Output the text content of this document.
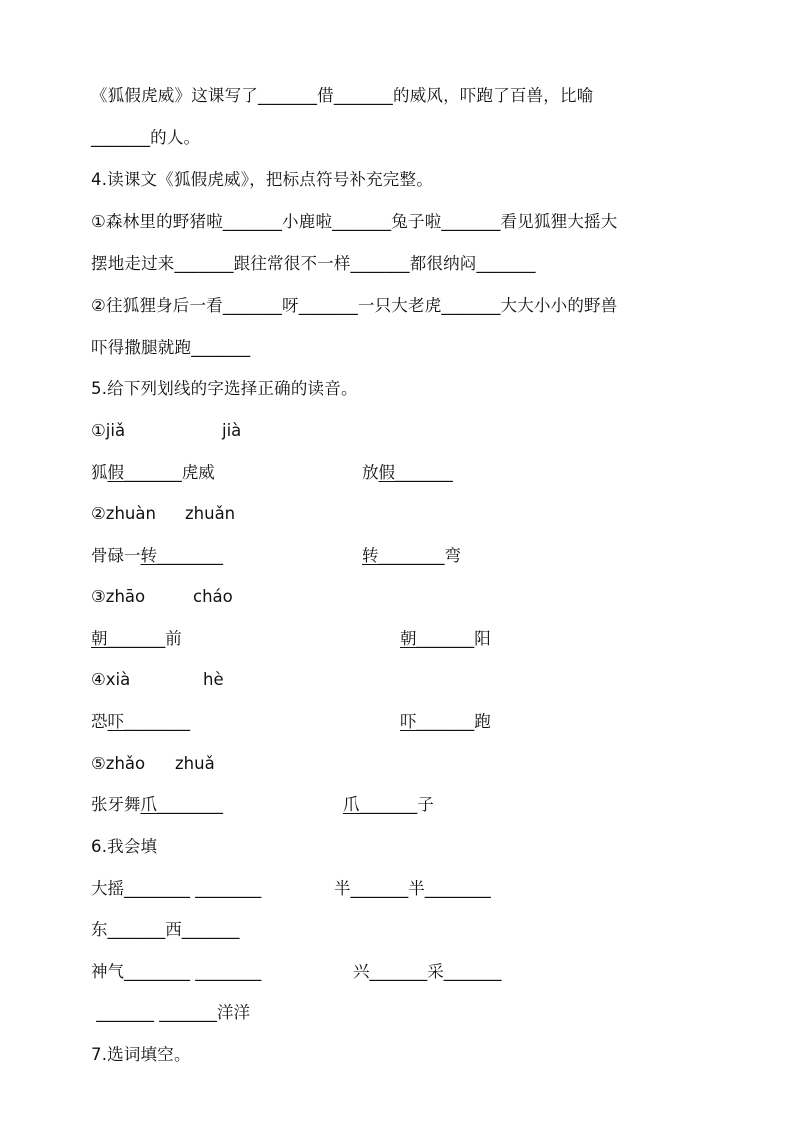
《狐假虎威》这课写了_______借_______的威风，吓跑了百兽，比喻
_______的人。
4.读课文《狐假虎威》，把标点符号补充完整。
①森林里的野猪啦_______小鹿啦_______兔子啦_______看见狐狸大摇大
摆地走过来_______跟往常很不一样_______都很纳闷_______
②往狐狸身后一看_______呀_______一只大老虎_______大大小小的野兽
吓得撒腿就跑_______
5.给下列划线的字选择正确的读音。
①jiǎ	jià
狐假_______虎威	放假_______
②zhuàn zhuǎn
骨碌一转________	转________弯
③zhāo	cháo
朝_______前	朝_______阳
④xià	hè
恐吓________	吓_______跑
⑤zhǎo zhuǎ
张牙舞爪________	爪_______子
6.我会填
大摇________ ________	半_______半________
东_______西_______
神气________ ________	兴_______采_______
_______ _______洋洋
7.选词填空。
